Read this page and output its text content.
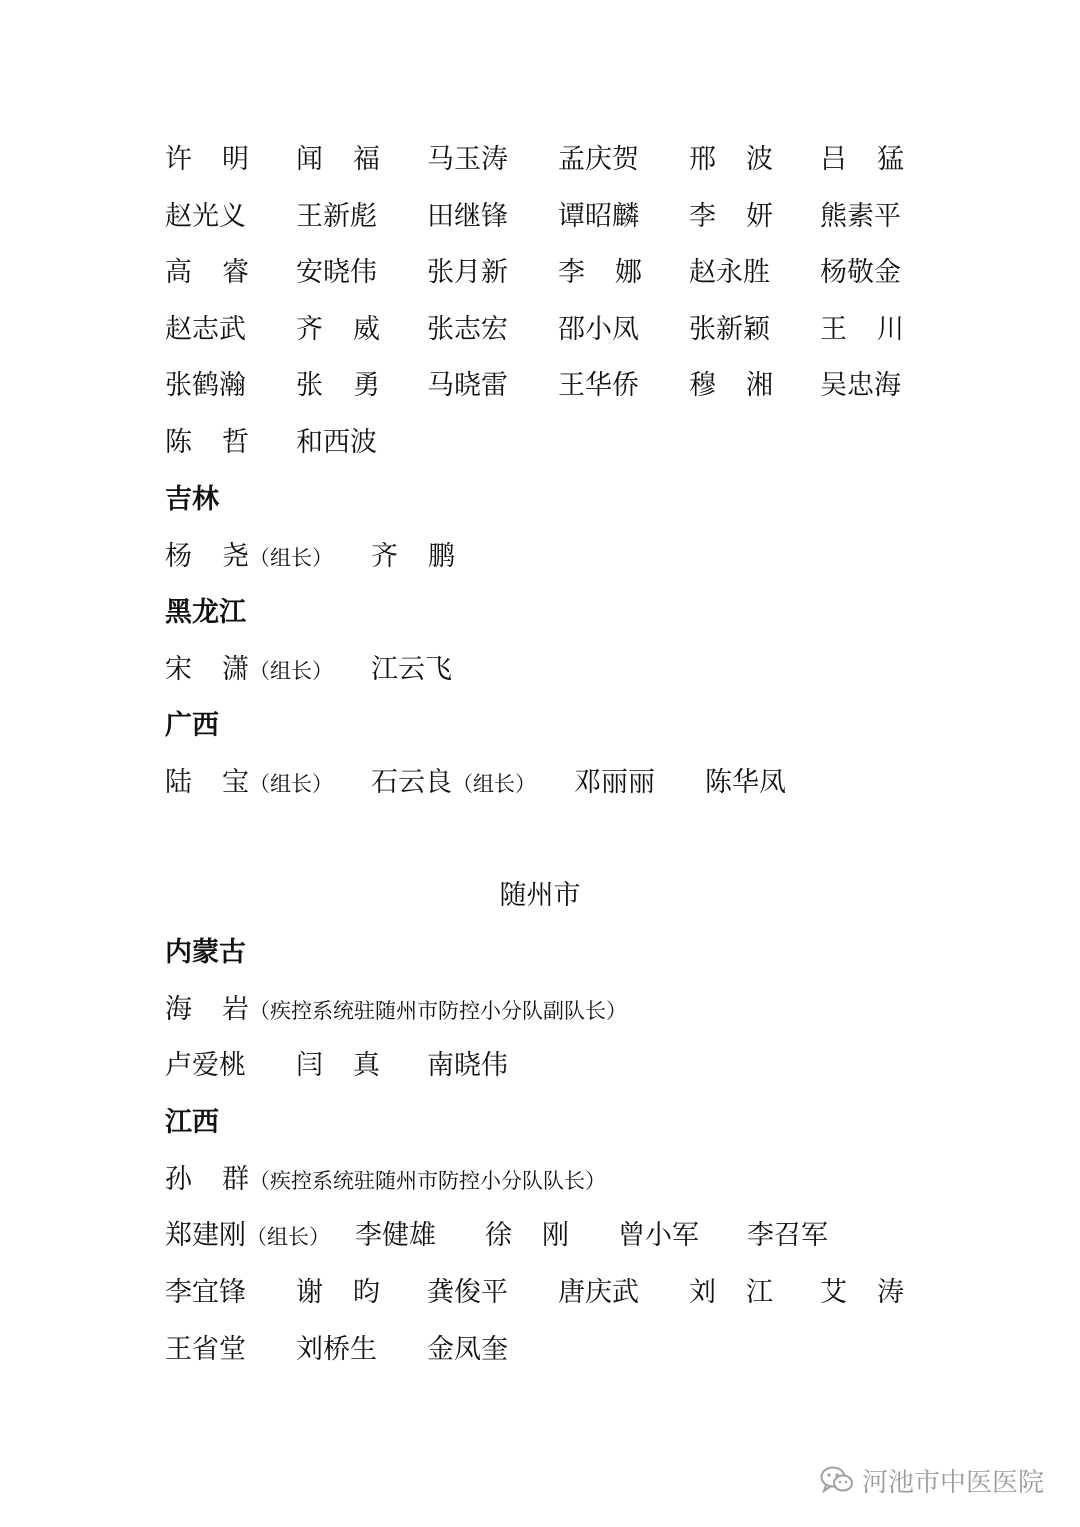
许 明 闻 福 马玉涛 孟庆贺 邢 波 吕 猛
赵光义 王新彪 田继锋 谭昭麟 李 妍 熊素平
高 睿 安晓伟 张月新 李 娜 赵永胜 杨敬金
赵志武 齐 威 张志宏 邵小凤 张新颖 王 川
张鹤瀚 张 勇 马晓雷 王华侨 穆 湘 吴忠海
陈 哲 和西波
吉林
杨 尧 （组长） 齐 鹏
黑龙江
宋 潇 （组长） 江云飞
广西
陆 宝 （组长） 石云良（组长） 邓丽丽 陈华凤
随州市
内蒙古
海 岩 （疾控系统驻随州市防控小分队副队长）
卢爱桃 闫 真 南晓伟
江西
孙 群 （疾控系统驻随州市防控小分队队长）
郑建刚（组长） 李健雄 徐 刚 曾小军 李召军
李宜锋 谢 昀 龚俊平 唐庆武 刘 江 艾 涛
王省堂 刘桥生 金凤奎
河池市中医医院
